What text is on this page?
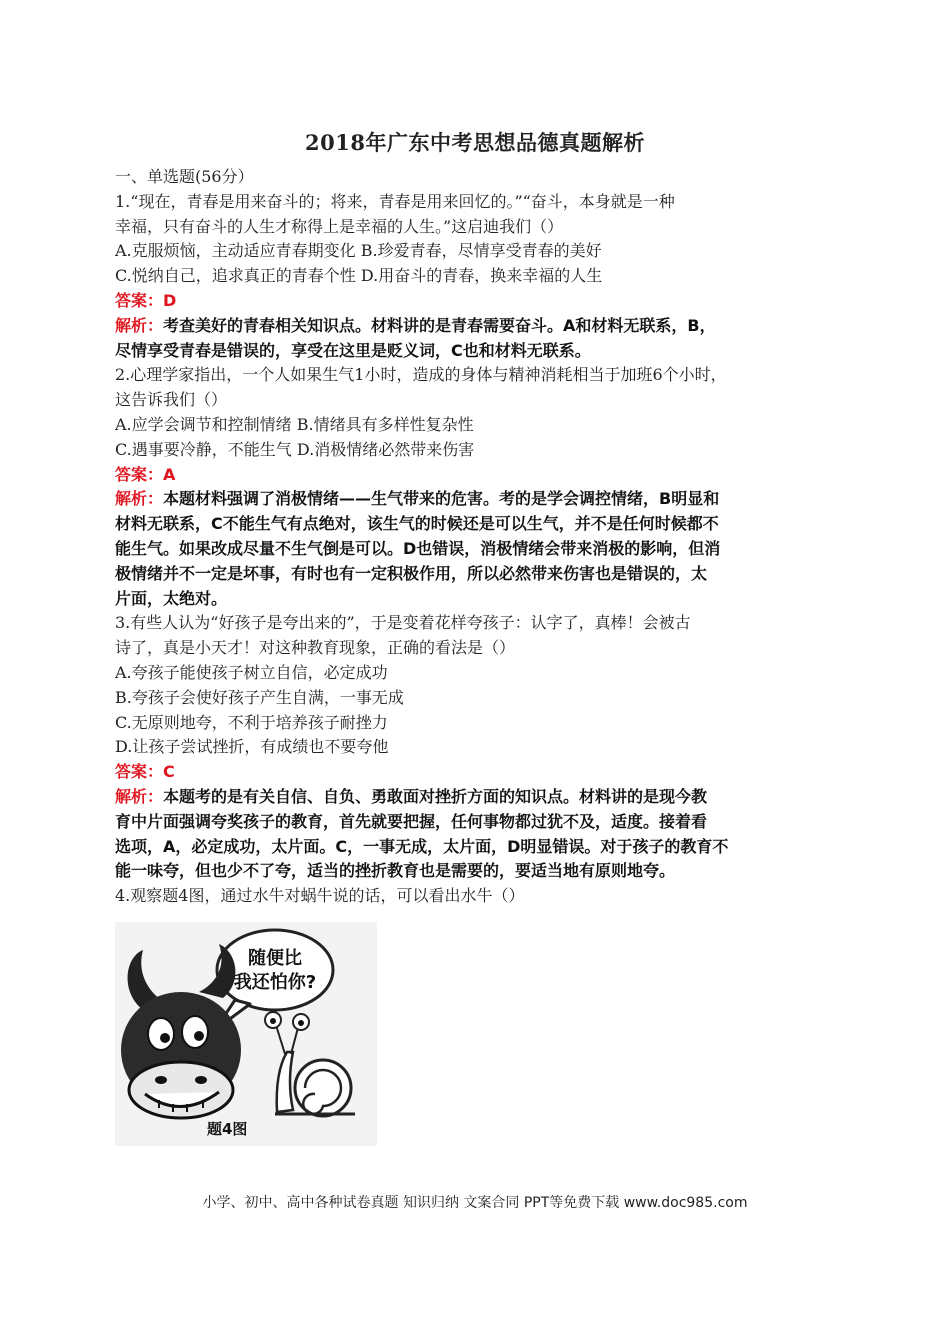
2018年广东中考思想品德真题解析
一、单选题(56分）
1.“现在，青春是用来奋斗的；将来，青春是用来回忆的。”“奋斗，本身就是一种
幸福，只有奋斗的人生才称得上是幸福的人生。”这启迪我们（）
A.克服烦恼，主动适应青春期变化 B.珍爱青春，尽情享受青春的美好
C.悦纳自己，追求真正的青春个性 D.用奋斗的青春，换来幸福的人生
答案：D
解析：考查美好的青春相关知识点。材料讲的是青春需要奋斗。A和材料无联系，B，
尽情享受青春是错误的，享受在这里是贬义词，C也和材料无联系。
2.心理学家指出，一个人如果生气1小时，造成的身体与精神消耗相当于加班6个小时，
这告诉我们（）
A.应学会调节和控制情绪 B.情绪具有多样性复杂性
C.遇事要冷静，不能生气 D.消极情绪必然带来伤害
答案：A
解析：本题材料强调了消极情绪——生气带来的危害。考的是学会调控情绪，B明显和
材料无联系，C不能生气有点绝对，该生气的时候还是可以生气，并不是任何时候都不
能生气。如果改成尽量不生气倒是可以。D也错误，消极情绪会带来消极的影响，但消
极情绪并不一定是坏事，有时也有一定积极作用，所以必然带来伤害也是错误的，太
片面，太绝对。
3.有些人认为“好孩子是夸出来的”，于是变着花样夸孩子：认字了，真棒！会被古
诗了，真是小天才！对这种教育现象，正确的看法是（）
A.夸孩子能使孩子树立自信，必定成功
B.夸孩子会使好孩子产生自满，一事无成
C.无原则地夸，不利于培养孩子耐挫力
D.让孩子尝试挫折，有成绩也不要夸他
答案：C
解析：本题考的是有关自信、自负、勇敢面对挫折方面的知识点。材料讲的是现今教
育中片面强调夸奖孩子的教育，首先就要把握，任何事物都过犹不及，适度。接着看
选项，A，必定成功，太片面。C，一事无成，太片面，D明显错误。对于孩子的教育不
能一味夸，但也少不了夸，适当的挫折教育也是需要的，要适当地有原则地夸。
4.观察题4图，通过水牛对蜗牛说的话，可以看出水牛（）
随便比
我还怕你?
题4图
小学、初中、高中各种试卷真题 知识归纳 文案合同 PPT等免费下载 www.doc985.com
